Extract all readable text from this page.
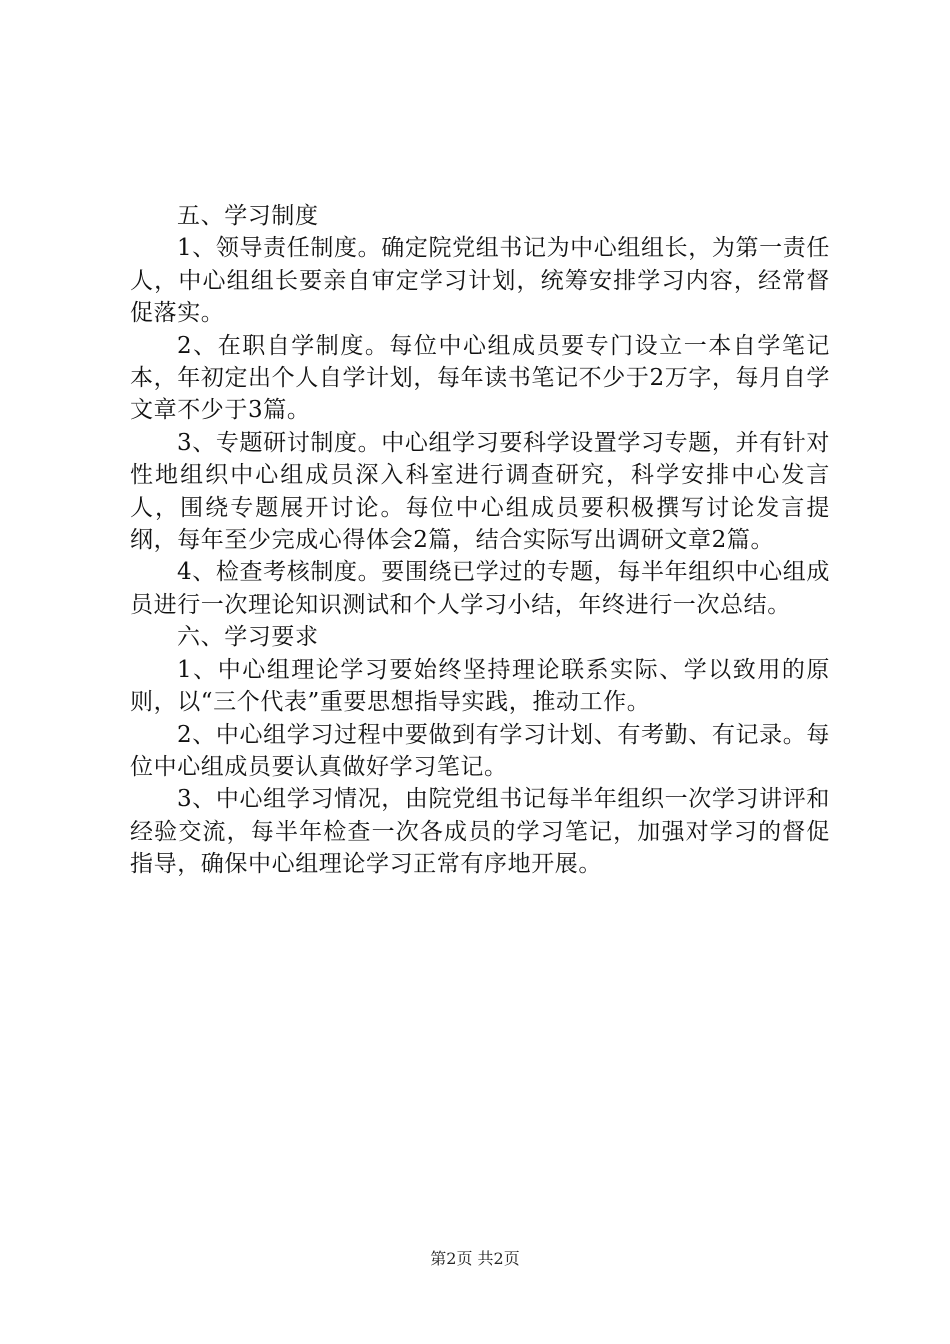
五、学习制度

1、领导责任制度。确定院党组书记为中心组组长，为第一责任人，中心组组长要亲自审定学习计划，统筹安排学习内容，经常督促落实。

2、在职自学制度。每位中心组成员要专门设立一本自学笔记本，年初定出个人自学计划，每年读书笔记不少于2万字，每月自学文章不少于3篇。

3、专题研讨制度。中心组学习要科学设置学习专题，并有针对性地组织中心组成员深入科室进行调查研究，科学安排中心发言人，围绕专题展开讨论。每位中心组成员要积极撰写讨论发言提纲，每年至少完成心得体会2篇，结合实际写出调研文章2篇。

4、检查考核制度。要围绕已学过的专题，每半年组织中心组成员进行一次理论知识测试和个人学习小结，年终进行一次总结。

六、学习要求

1、中心组理论学习要始终坚持理论联系实际、学以致用的原则，以“三个代表”重要思想指导实践，推动工作。

2、中心组学习过程中要做到有学习计划、有考勤、有记录。每位中心组成员要认真做好学习笔记。

3、中心组学习情况，由院党组书记每半年组织一次学习讲评和经验交流，每半年检查一次各成员的学习笔记，加强对学习的督促指导，确保中心组理论学习正常有序地开展。

第2页 共2页
